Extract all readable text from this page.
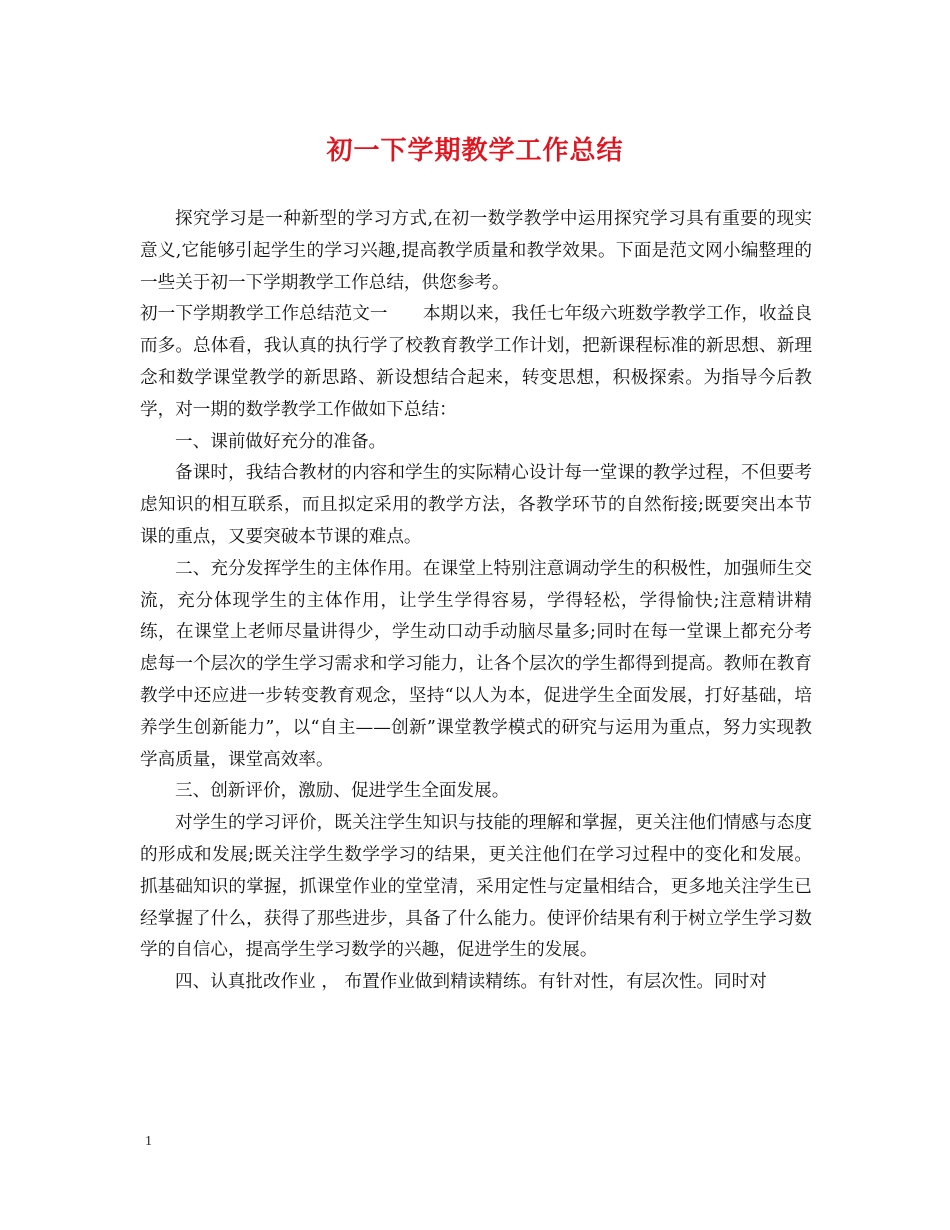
初一下学期教学工作总结

探究学习是一种新型的学习方式,在初一数学教学中运用探究学习具有重要的现实意义,它能够引起学生的学习兴趣,提高教学质量和教学效果。下面是范文网小编整理的一些关于初一下学期教学工作总结，供您参考。

初一下学期教学工作总结范文一　　本期以来，我任七年级六班数学教学工作，收益良而多。总体看，我认真的执行学了校教育教学工作计划，把新课程标准的新思想、新理念和数学课堂教学的新思路、新设想结合起来，转变思想，积极探索。为指导今后教学，对一期的数学教学工作做如下总结：

一、课前做好充分的准备。

备课时，我结合教材的内容和学生的实际精心设计每一堂课的教学过程，不但要考虑知识的相互联系，而且拟定采用的教学方法，各教学环节的自然衔接;既要突出本节课的重点，又要突破本节课的难点。

二、充分发挥学生的主体作用。在课堂上特别注意调动学生的积极性，加强师生交流，充分体现学生的主体作用，让学生学得容易，学得轻松，学得愉快;注意精讲精练，在课堂上老师尽量讲得少，学生动口动手动脑尽量多;同时在每一堂课上都充分考虑每一个层次的学生学习需求和学习能力，让各个层次的学生都得到提高。教师在教育教学中还应进一步转变教育观念，坚持“以人为本，促进学生全面发展，打好基础，培养学生创新能力”，以“自主——创新”课堂教学模式的研究与运用为重点，努力实现教学高质量，课堂高效率。

三、创新评价，激励、促进学生全面发展。

对学生的学习评价，既关注学生知识与技能的理解和掌握，更关注他们情感与态度的形成和发展;既关注学生数学学习的结果，更关注他们在学习过程中的变化和发展。抓基础知识的掌握，抓课堂作业的堂堂清，采用定性与定量相结合，更多地关注学生已经掌握了什么，获得了那些进步，具备了什么能力。使评价结果有利于树立学生学习数学的自信心，提高学生学习数学的兴趣，促进学生的发展。

四、认真批改作业 ， 布置作业做到精读精练。有针对性，有层次性。同时对

1
